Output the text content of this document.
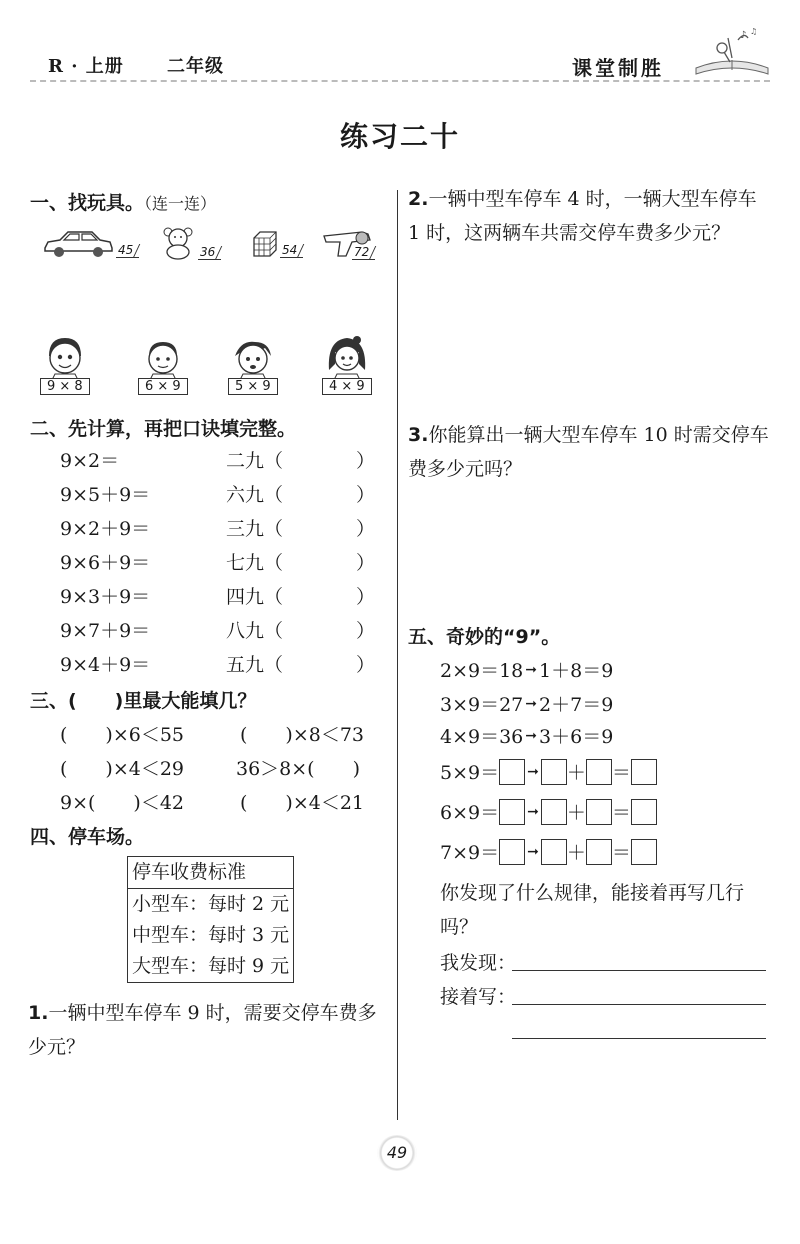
R · 上册 二年级	课堂制胜
♪ ♫
练习二十
一、找玩具。（连一连）
45	36	54	72
9 × 8	6 × 9	5 × 9	4 × 9
二、先计算，再把口诀填完整。
9×2＝	二九（	）
9×5＋9＝	六九（	）
9×2＋9＝	三九（	）
9×6＋9＝	七九（	）
9×3＋9＝	四九（	）
9×7＋9＝	八九（	）
9×4＋9＝	五九（	）
三、(　　)里最大能填几？
(　　)×6＜55	(　　)×8＜73
(　　)×4＜29	36＞8×(　　)
9×(　　)＜42	(　　)×4＜21
四、停车场。
停车收费标准
小型车：每时 2 元
中型车：每时 3 元
大型车：每时 9 元
1.一辆中型车停车 9 时，需要交停车费多少元？
2.一辆中型车停车 4 时，一辆大型车停车 1 时，这两辆车共需交停车费多少元？
3.你能算出一辆大型车停车 10 时需交停车费多少元吗？
五、奇妙的“9”。
2×9＝18 ➞ 1＋8＝9
3×9＝27 ➞ 2＋7＝9
4×9＝36 ➞ 3＋6＝9
5×9＝ ➞ ＋ ＝
6×9＝ ➞ ＋ ＝
7×9＝ ➞ ＋ ＝
你发现了什么规律，能接着再写几行吗？
我发现：
接着写：
49
